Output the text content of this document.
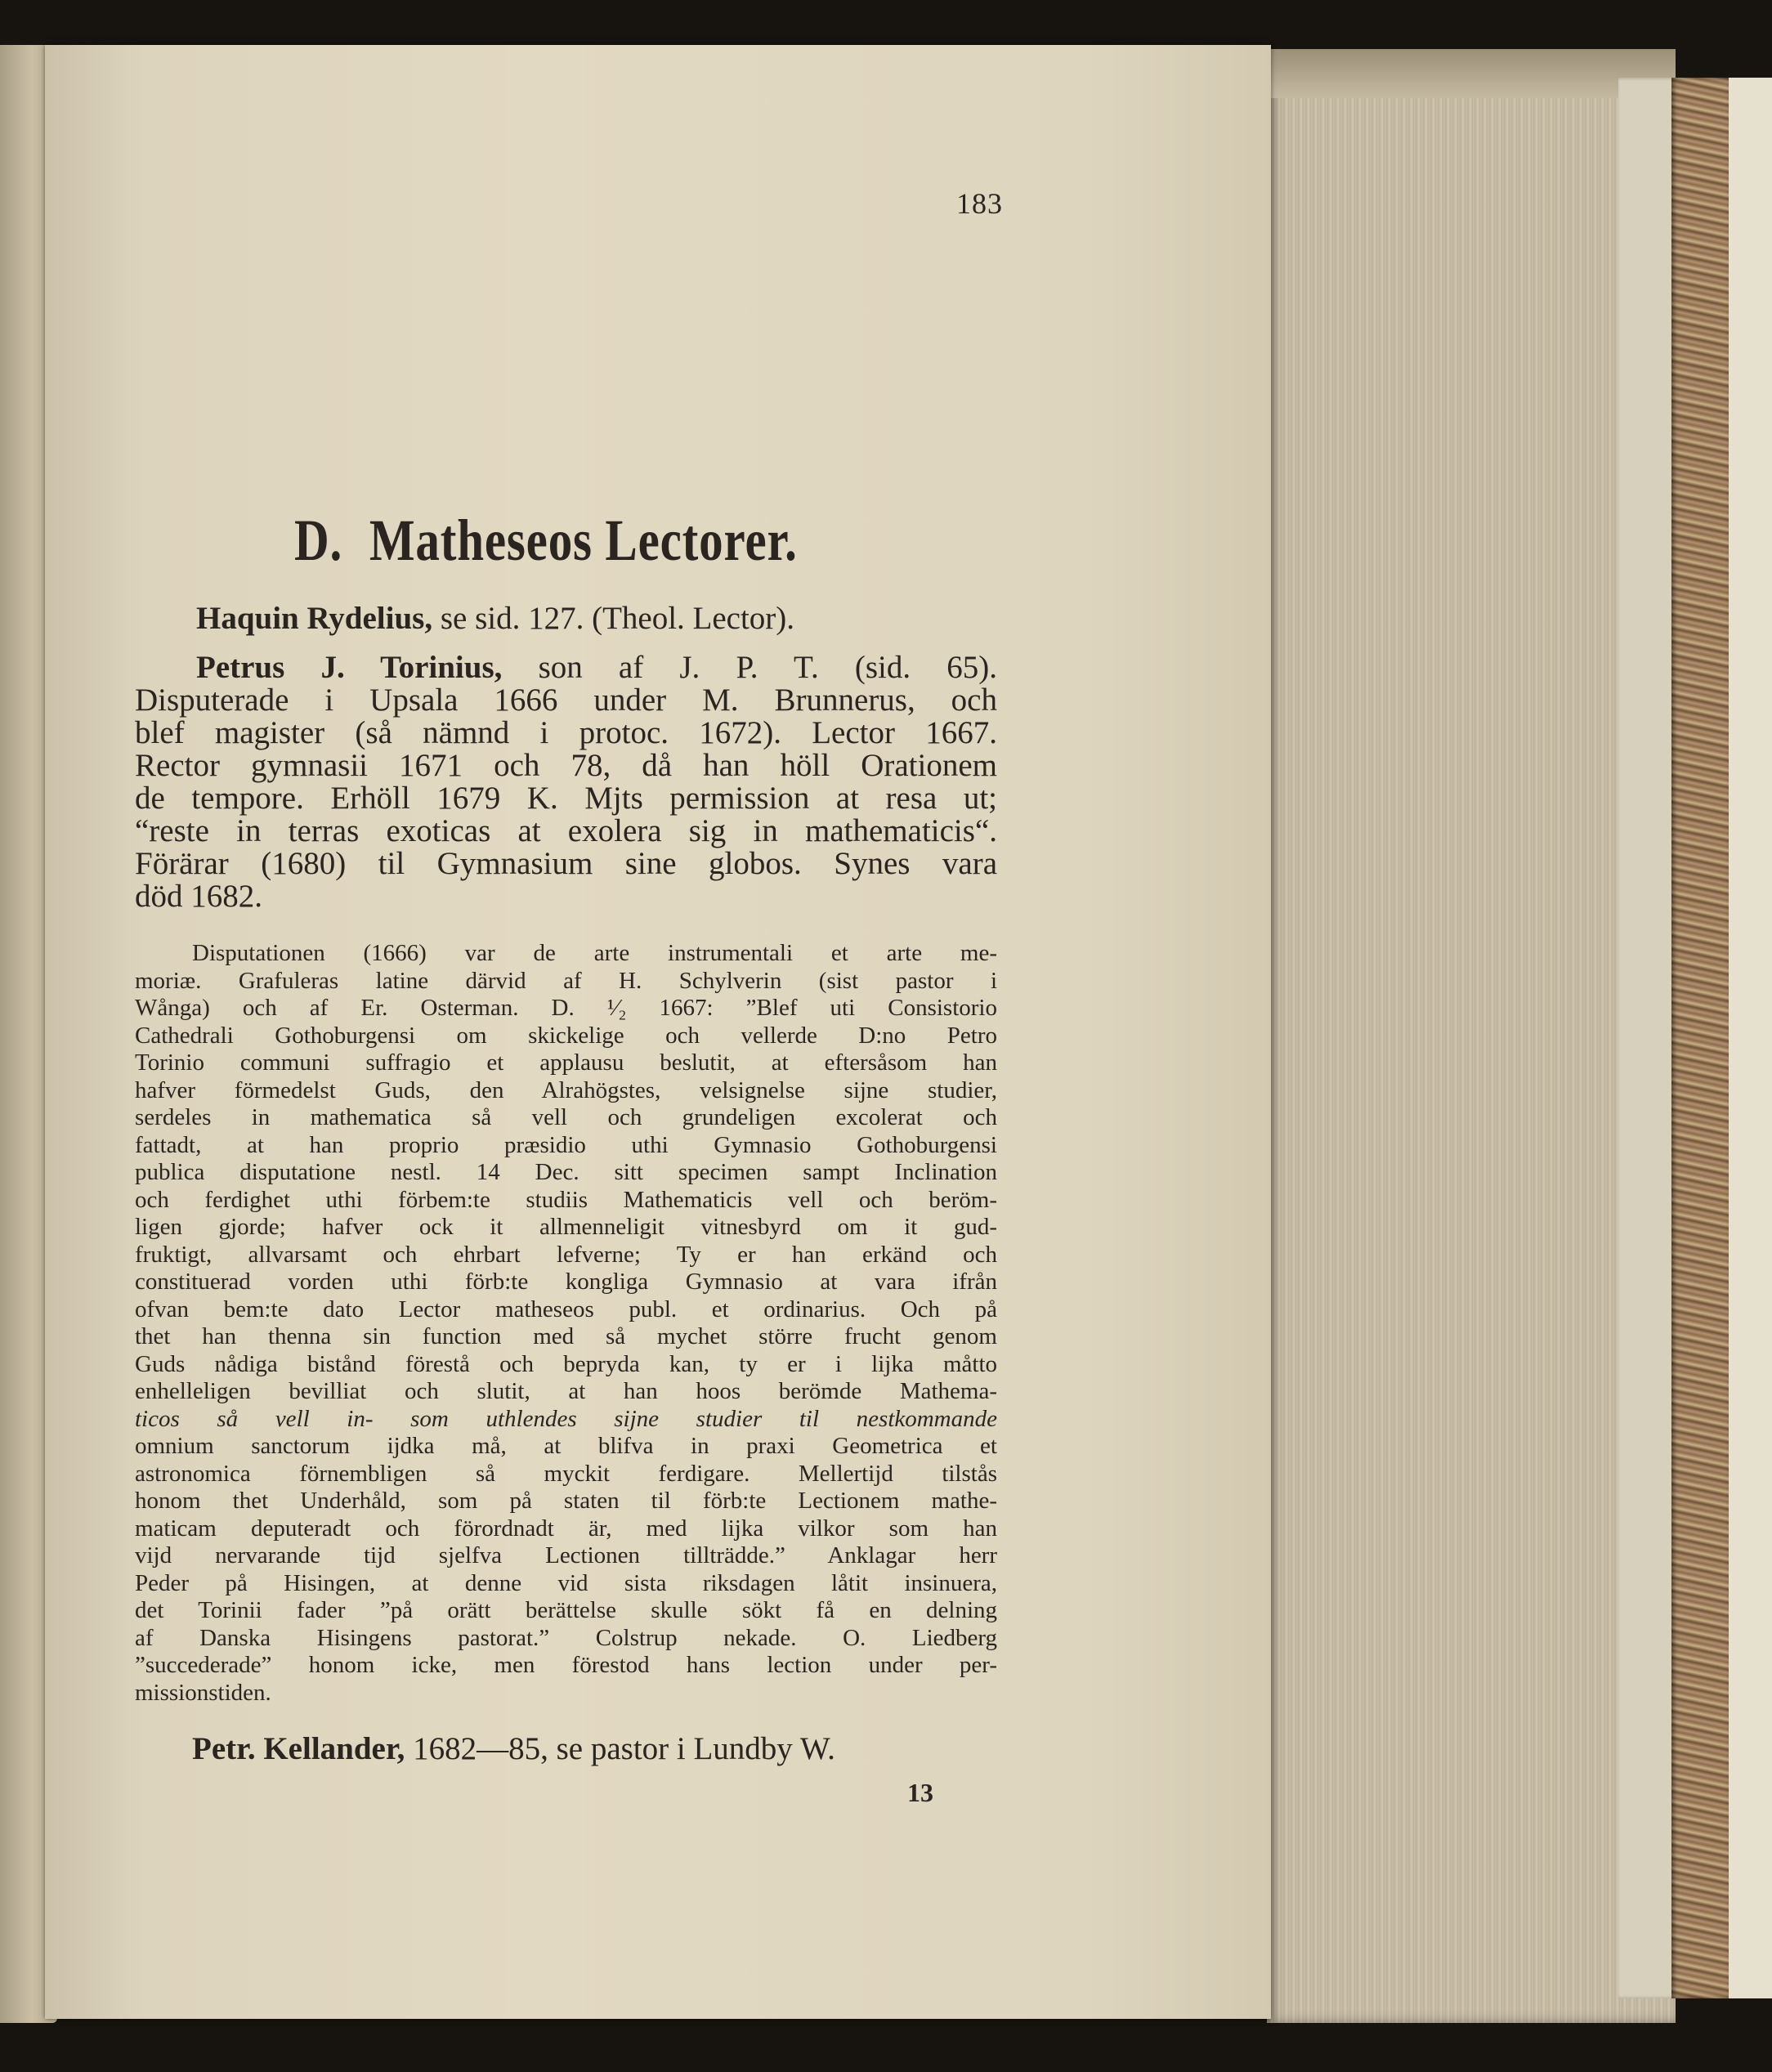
183
D. Matheseos Lectorer.
Haquin Rydelius, se sid. 127. (Theol. Lector).
Petrus J. Torinius, son af J. P. T. (sid. 65).
Disputerade i Upsala 1666 under M. Brunnerus, och
blef magister (så nämnd i protoc. 1672). Lector 1667.
Rector gymnasii 1671 och 78, då han höll Orationem
de tempore. Erhöll 1679 K. Mjts permission at resa ut;
“reste in terras exoticas at exolera sig in mathematicis“.
Förärar (1680) til Gymnasium sine globos. Synes vara
död 1682.
Disputationen (1666) var de arte instrumentali et arte me-
moriæ. Grafuleras latine därvid af H. Schylverin (sist pastor i
Wånga) och af Er. Osterman. D. ¹⁄₂ 1667: ”Blef uti Consistorio
Cathedrali Gothoburgensi om skickelige och vellerde D:no Petro
Torinio communi suffragio et applausu beslutit, at eftersåsom han
hafver förmedelst Guds, den Alrahögstes, velsignelse sijne studier,
serdeles in mathematica så vell och grundeligen excolerat och
fattadt, at han proprio præsidio uthi Gymnasio Gothoburgensi
publica disputatione nestl. 14 Dec. sitt specimen sampt Inclination
och ferdighet uthi förbem:te studiis Mathematicis vell och beröm-
ligen gjorde; hafver ock it allmenneligit vitnesbyrd om it gud-
fruktigt, allvarsamt och ehrbart lefverne; Ty er han erkänd och
constituerad vorden uthi förb:te kongliga Gymnasio at vara ifrån
ofvan bem:te dato Lector matheseos publ. et ordinarius. Och på
thet han thenna sin function med så mychet större frucht genom
Guds nådiga bistånd förestå och bepryda kan, ty er i lijka måtto
enhelleligen bevilliat och slutit, at han hoos berömde Mathema-
ticos så vell in- som uthlendes sijne studier til nestkommande
omnium sanctorum ijdka må, at blifva in praxi Geometrica et
astronomica förnembligen så myckit ferdigare. Mellertijd tilstås
honom thet Underhåld, som på staten til förb:te Lectionem mathe-
maticam deputeradt och förordnadt är, med lijka vilkor som han
vijd nervarande tijd sjelfva Lectionen tillträdde.” Anklagar herr
Peder på Hisingen, at denne vid sista riksdagen låtit insinuera,
det Torinii fader ”på orätt berättelse skulle sökt få en delning
af Danska Hisingens pastorat.” Colstrup nekade. O. Liedberg
”succederade” honom icke, men förestod hans lection under per-
missionstiden.
Petr. Kellander, 1682—85, se pastor i Lundby W.
13
